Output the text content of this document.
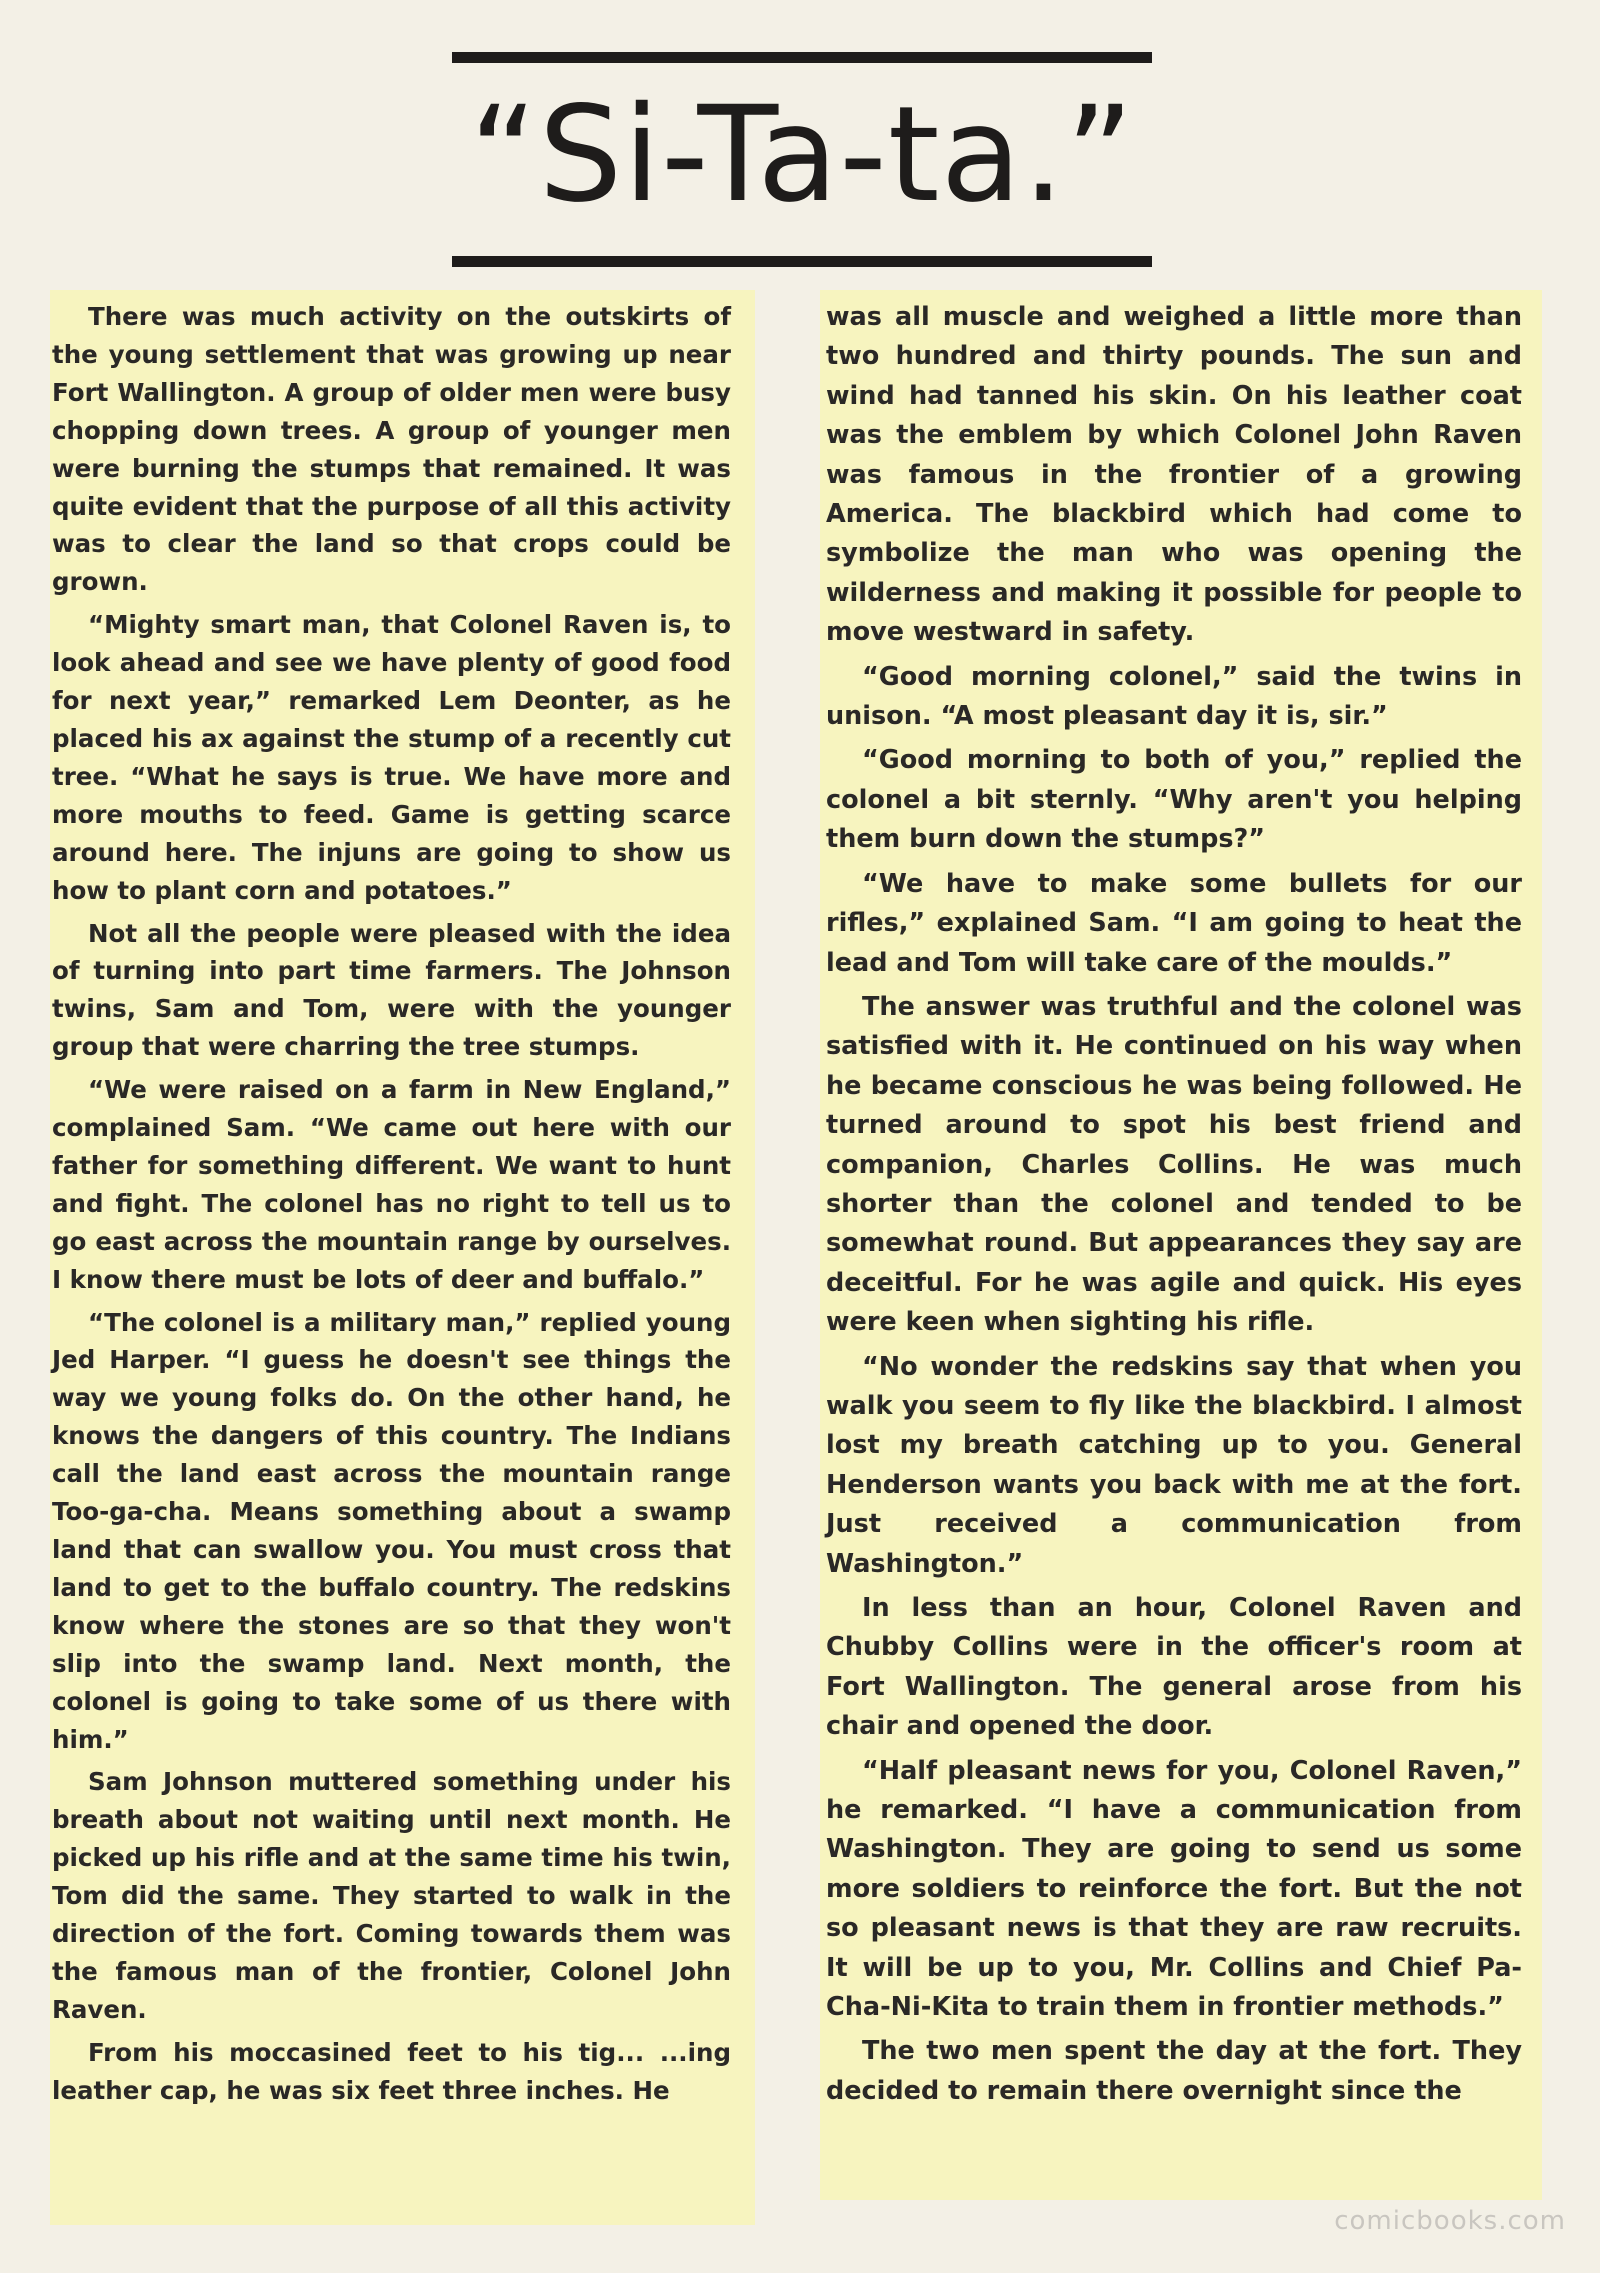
“Si-Ta-ta.”

There was much activity on the outskirts of the young settlement that was growing up near Fort Wallington. A group of older men were busy chopping down trees. A group of younger men were burning the stumps that remained. It was quite evident that the purpose of all this activity was to clear the land so that crops could be grown.

“Mighty smart man, that Colonel Raven is, to look ahead and see we have plenty of good food for next year,” remarked Lem Deonter, as he placed his ax against the stump of a recently cut tree. “What he says is true. We have more and more mouths to feed. Game is getting scarce around here. The injuns are going to show us how to plant corn and potatoes.”

Not all the people were pleased with the idea of turning into part time farmers. The Johnson twins, Sam and Tom, were with the younger group that were charring the tree stumps.

“We were raised on a farm in New England,” complained Sam. “We came out here with our father for something different. We want to hunt and fight. The colonel has no right to tell us to go east across the mountain range by ourselves. I know there must be lots of deer and buffalo.”

“The colonel is a military man,” replied young Jed Harper. “I guess he doesn't see things the way we young folks do. On the other hand, he knows the dangers of this country. The Indians call the land east across the mountain range Too-ga-cha. Means something about a swamp land that can swallow you. You must cross that land to get to the buffalo country. The redskins know where the stones are so that they won't slip into the swamp land. Next month, the colonel is going to take some of us there with him.”

Sam Johnson muttered something under his breath about not waiting until next month. He picked up his rifle and at the same time his twin, Tom did the same. They started to walk in the direction of the fort. Coming towards them was the famous man of the frontier, Colonel John Raven.

From his moccasined feet to his tig... ...ing leather cap, he was six feet three inches. He

was all muscle and weighed a little more than two hundred and thirty pounds. The sun and wind had tanned his skin. On his leather coat was the emblem by which Colonel John Raven was famous in the frontier of a growing America. The blackbird which had come to symbolize the man who was opening the wilderness and making it possible for people to move westward in safety.

“Good morning colonel,” said the twins in unison. “A most pleasant day it is, sir.”

“Good morning to both of you,” replied the colonel a bit sternly. “Why aren't you helping them burn down the stumps?”

“We have to make some bullets for our rifles,” explained Sam. “I am going to heat the lead and Tom will take care of the moulds.”

The answer was truthful and the colonel was satisfied with it. He continued on his way when he became conscious he was being followed. He turned around to spot his best friend and companion, Charles Collins. He was much shorter than the colonel and tended to be somewhat round. But appearances they say are deceitful. For he was agile and quick. His eyes were keen when sighting his rifle.

“No wonder the redskins say that when you walk you seem to fly like the blackbird. I almost lost my breath catching up to you. General Henderson wants you back with me at the fort. Just received a communication from Washington.”

In less than an hour, Colonel Raven and Chubby Collins were in the officer's room at Fort Wallington. The general arose from his chair and opened the door.

“Half pleasant news for you, Colonel Raven,” he remarked. “I have a communication from Washington. They are going to send us some more soldiers to reinforce the fort. But the not so pleasant news is that they are raw recruits. It will be up to you, Mr. Collins and Chief Pa-Cha-Ni-Kita to train them in frontier methods.”

The two men spent the day at the fort. They decided to remain there overnight since the

comicbooks.com
